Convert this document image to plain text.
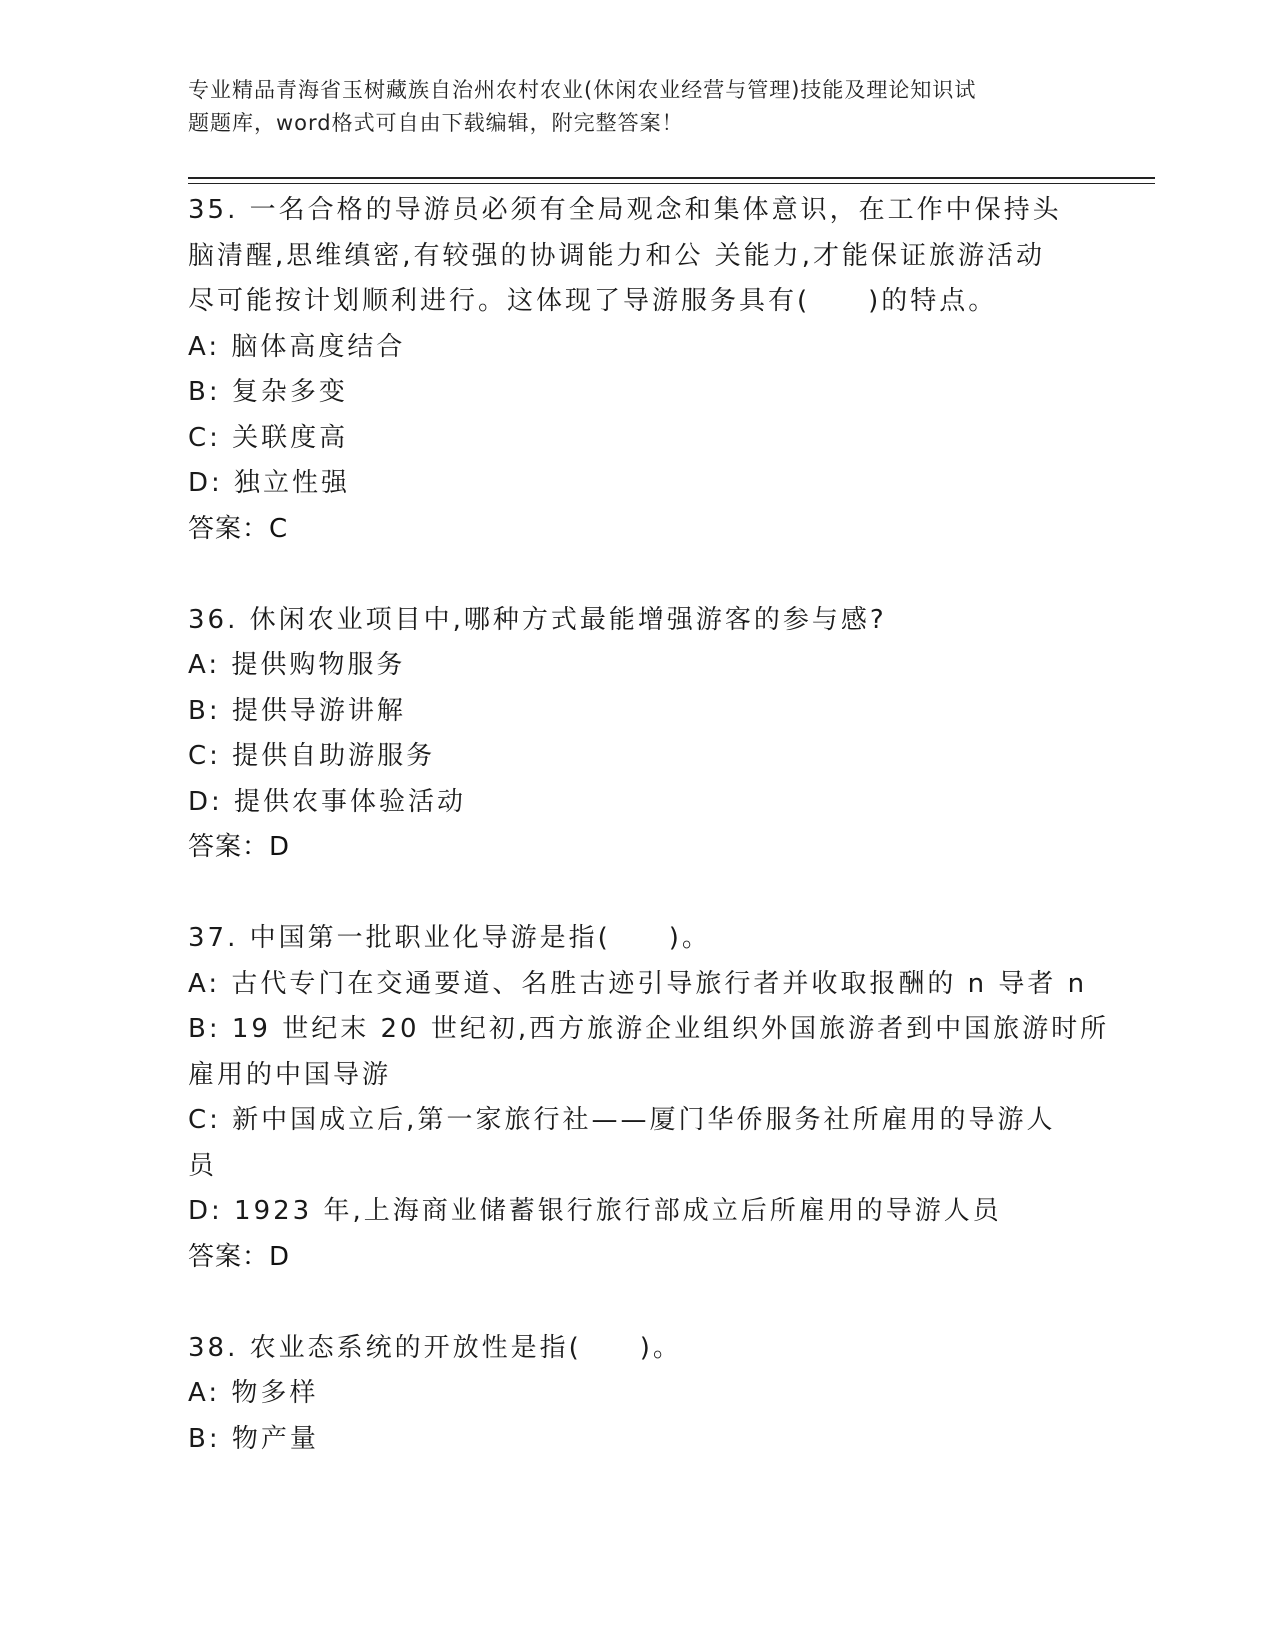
专业精品青海省玉树藏族自治州农村农业(休闲农业经营与管理)技能及理论知识试
题题库，word格式可自由下载编辑，附完整答案！
35. 一名合格的导游员必须有全局观念和集体意识，在工作中保持头
脑清醒,思维缜密,有较强的协调能力和公 关能力,才能保证旅游活动
尽可能按计划顺利进行。这体现了导游服务具有(　　)的特点。
A: 脑体高度结合
B: 复杂多变
C: 关联度高
D: 独立性强
答案：C
36. 休闲农业项目中,哪种方式最能增强游客的参与感?
A: 提供购物服务
B: 提供导游讲解
C: 提供自助游服务
D: 提供农事体验活动
答案：D
37. 中国第一批职业化导游是指(　　)。
A: 古代专门在交通要道、名胜古迹引导旅行者并收取报酬的 n 导者 n
B: 19 世纪末 20 世纪初,西方旅游企业组织外国旅游者到中国旅游时所
雇用的中国导游
C: 新中国成立后,第一家旅行社——厦门华侨服务社所雇用的导游人
员
D: 1923 年,上海商业储蓄银行旅行部成立后所雇用的导游人员
答案：D
38. 农业态系统的开放性是指(　　)。
A: 物多样
B: 物产量
